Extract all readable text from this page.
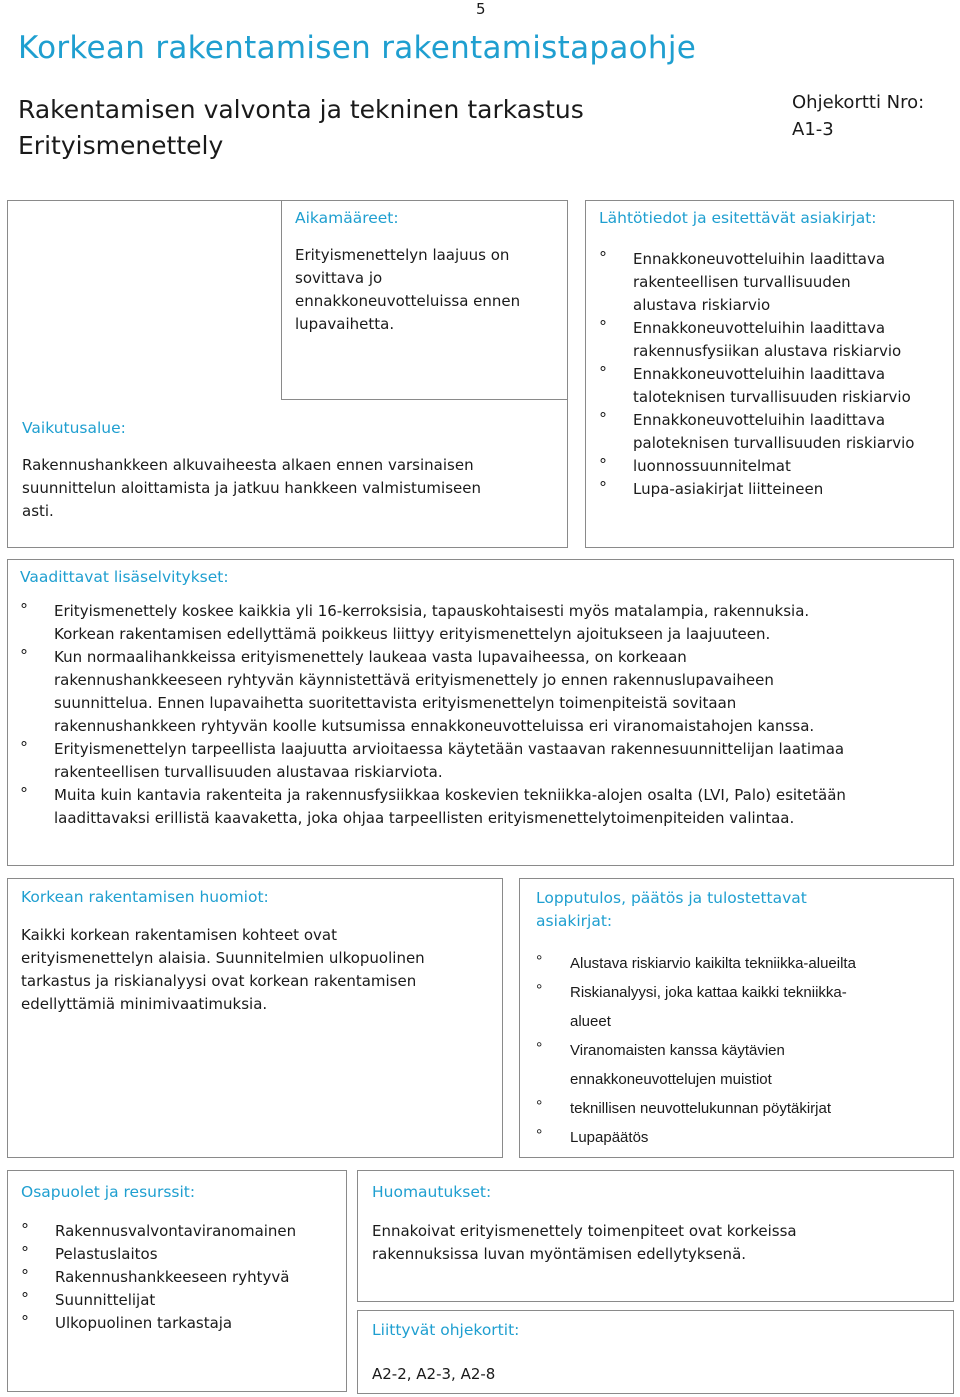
5
Korkean rakentamisen rakentamistapaohje
Rakentamisen valvonta ja tekninen tarkastus
Erityismenettely
Ohjekortti Nro:
A1-3
Aikamääreet:
Erityismenettelyn laajuus on
sovittava jo
ennakkoneuvotteluissa ennen
lupavaihetta.
Vaikutusalue:
Rakennushankkeen alkuvaiheesta alkaen ennen varsinaisen
suunnittelun aloittamista ja jatkuu hankkeen valmistumiseen
asti.
Lähtötiedot ja esitettävät asiakirjat:
° Ennakkoneuvotteluihin laadittava
rakenteellisen turvallisuuden
alustava riskiarvio
° Ennakkoneuvotteluihin laadittava
rakennusfysiikan alustava riskiarvio
° Ennakkoneuvotteluihin laadittava
taloteknisen turvallisuuden riskiarvio
° Ennakkoneuvotteluihin laadittava
paloteknisen turvallisuuden riskiarvio
° luonnossuunnitelmat
° Lupa-asiakirjat liitteineen
Vaadittavat lisäselvitykset:
° Erityismenettely koskee kaikkia yli 16-kerroksisia, tapauskohtaisesti myös matalampia, rakennuksia.
Korkean rakentamisen edellyttämä poikkeus liittyy erityismenettelyn ajoitukseen ja laajuuteen.
° Kun normaalihankkeissa erityismenettely laukeaa vasta lupavaiheessa, on korkeaan
rakennushankkeeseen ryhtyvän käynnistettävä erityismenettely jo ennen rakennuslupavaiheen
suunnittelua. Ennen lupavaihetta suoritettavista erityismenettelyn toimenpiteistä sovitaan
rakennushankkeen ryhtyvän koolle kutsumissa ennakkoneuvotteluissa eri viranomaistahojen kanssa.
° Erityismenettelyn tarpeellista laajuutta arvioitaessa käytetään vastaavan rakennesuunnittelijan laatimaa
rakenteellisen turvallisuuden alustavaa riskiarviota.
° Muita kuin kantavia rakenteita ja rakennusfysiikkaa koskevien tekniikka-alojen osalta (LVI, Palo) esitetään
laadittavaksi erillistä kaavaketta, joka ohjaa tarpeellisten erityismenettelytoimenpiteiden valintaa.
Korkean rakentamisen huomiot:
Kaikki korkean rakentamisen kohteet ovat
erityismenettelyn alaisia. Suunnitelmien ulkopuolinen
tarkastus ja riskianalyysi ovat korkean rakentamisen
edellyttämiä minimivaatimuksia.
Lopputulos, päätös ja tulostettavat
asiakirjat:
° Alustava riskiarvio kaikilta tekniikka-alueilta
° Riskianalyysi, joka kattaa kaikki tekniikka-
alueet
° Viranomaisten kanssa käytävien
ennakkoneuvottelujen muistiot
° teknillisen neuvottelukunnan pöytäkirjat
° Lupapäätös
Osapuolet ja resurssit:
° Rakennusvalvontaviranomainen
° Pelastuslaitos
° Rakennushankkeeseen ryhtyvä
° Suunnittelijat
° Ulkopuolinen tarkastaja
Huomautukset:
Ennakoivat erityismenettely toimenpiteet ovat korkeissa
rakennuksissa luvan myöntämisen edellytyksenä.
Liittyvät ohjekortit:
A2-2, A2-3, A2-8
